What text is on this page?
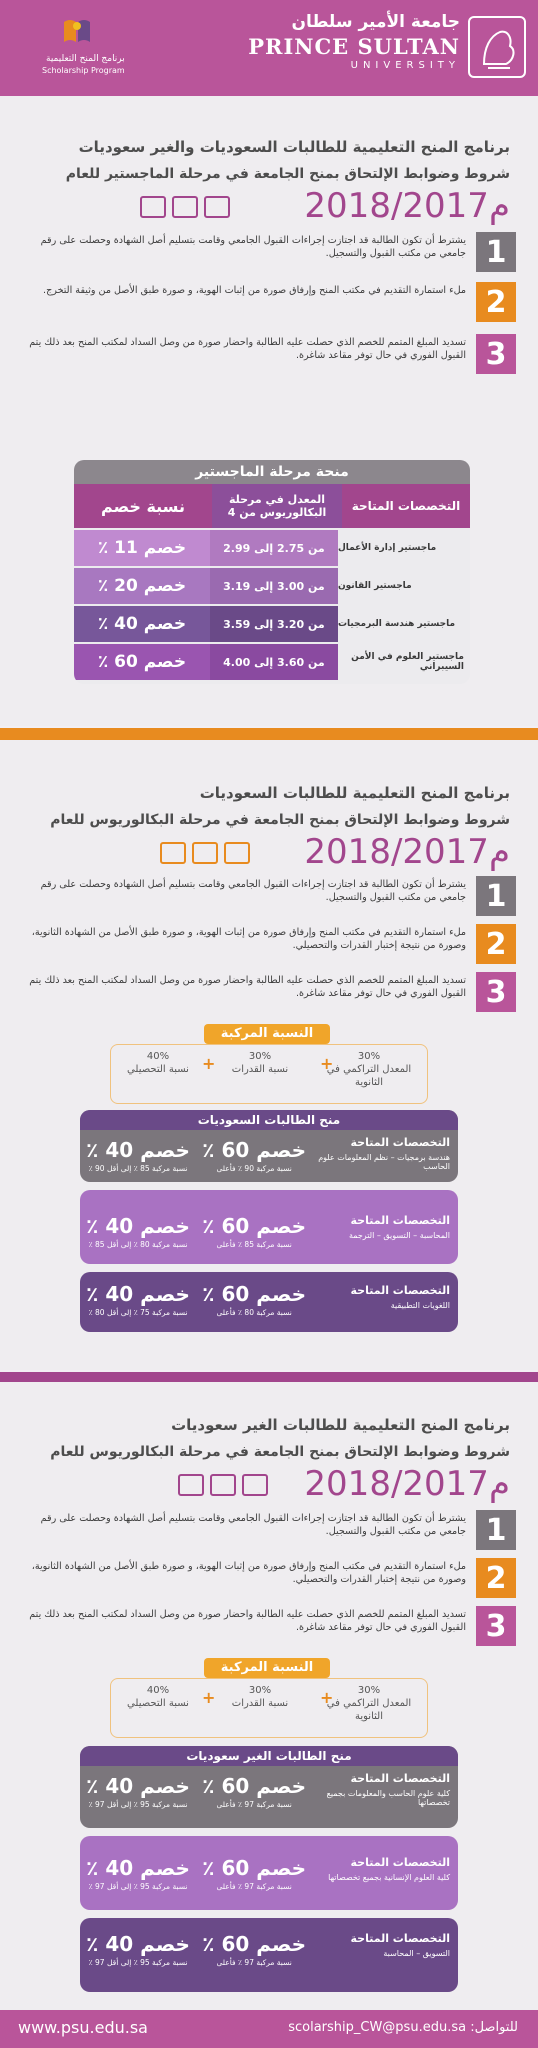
جامعة الأمير سلطان
PRINCE SULTAN
UNIVERSITY
برنامج المنح التعليمية
Scholarship Program
برنامج المنح التعليمية للطالبات السعوديات والغير سعوديات
شروط وضوابط الإلتحاق بمنح الجامعة في مرحلة الماجستير للعام
2018/2017م
1
يشترط أن تكون الطالبة قد اجتازت إجراءات القبول الجامعي وقامت بتسليم أصل الشهادة وحصلت على رقم جامعي من مكتب القبول والتسجيل.
2
ملء استمارة التقديم في مكتب المنح وإرفاق صورة من إثبات الهوية، و صورة طبق الأصل من وثيقة التخرج.
3
تسديد المبلغ المتمم للخصم الذي حصلت عليه الطالبة واحضار صورة من وصل السداد لمكتب المنح بعد ذلك يتم القبول الفوري في حال توفر مقاعد شاغرة.
منحة مرحلة الماجستير
التخصصات المتاحة
المعدل في مرحلة البكالوريوس من 4
نسبة خصم
ماجستير إدارة الأعمال
من 2.75 إلى 2.99
خصم 11 ٪
ماجستير القانون
من 3.00 إلى 3.19
خصم 20 ٪
ماجستير هندسة البرمجيات
من 3.20 إلى 3.59
خصم 40 ٪
ماجستير العلوم في الأمن السيبراني
من 3.60 إلى 4.00
خصم 60 ٪
برنامج المنح التعليمية للطالبات السعوديات
شروط وضوابط الإلتحاق بمنح الجامعة في مرحلة البكالوريوس للعام
2018/2017م
1
يشترط أن تكون الطالبة قد اجتازت إجراءات القبول الجامعي وقامت بتسليم أصل الشهادة وحصلت على رقم جامعي من مكتب القبول والتسجيل.
2
ملء استمارة التقديم في مكتب المنح وإرفاق صورة من إثبات الهوية، و صورة طبق الأصل من الشهادة الثانوية، وصورة من نتيجة إختبار القدرات والتحصيلي.
3
تسديد المبلغ المتمم للخصم الذي حصلت عليه الطالبة واحضار صورة من وصل السداد لمكتب المنح بعد ذلك يتم القبول الفوري في حال توفر مقاعد شاغرة.
النسبة المركبة
30%
المعدل التراكمي في الثانوية
+
30%
نسبة القدرات
+
40%
نسبة التحصيلي
منح الطالبات السعوديات
التخصصات المتاحة
هندسة برمجيات – نظم المعلومات علوم الحاسب
خصم 60 ٪
نسبة مركبة 90 ٪ فأعلى
خصم 40 ٪
نسبة مركبة 85 ٪ إلى أقل 90 ٪
التخصصات المتاحة
المحاسبة – التسويق – الترجمة
خصم 60 ٪
نسبة مركبة 85 ٪ فأعلى
خصم 40 ٪
نسبة مركبة 80 ٪ إلى أقل 85 ٪
التخصصات المتاحة
اللغويات التطبيقية
خصم 60 ٪
نسبة مركبة 80 ٪ فأعلى
خصم 40 ٪
نسبة مركبة 75 ٪ إلى أقل 80 ٪
برنامج المنح التعليمية للطالبات الغير سعوديات
شروط وضوابط الإلتحاق بمنح الجامعة في مرحلة البكالوريوس للعام
2018/2017م
1
يشترط أن تكون الطالبة قد اجتازت إجراءات القبول الجامعي وقامت بتسليم أصل الشهادة وحصلت على رقم جامعي من مكتب القبول والتسجيل.
2
ملء استمارة التقديم في مكتب المنح وإرفاق صورة من إثبات الهوية، و صورة طبق الأصل من الشهادة الثانوية، وصورة من نتيجة إختبار القدرات والتحصيلي.
3
تسديد المبلغ المتمم للخصم الذي حصلت عليه الطالبة واحضار صورة من وصل السداد لمكتب المنح بعد ذلك يتم القبول الفوري في حال توفر مقاعد شاغرة.
النسبة المركبة
30%
المعدل التراكمي في الثانوية
+
30%
نسبة القدرات
+
40%
نسبة التحصيلي
منح الطالبات الغير سعوديات
التخصصات المتاحة
كلية علوم الحاسب والمعلومات بجميع تخصصاتها
خصم 60 ٪
نسبة مركبة 97 ٪ فأعلى
خصم 40 ٪
نسبة مركبة 95 ٪ إلى أقل 97 ٪
التخصصات المتاحة
كلية العلوم الإنسانية بجميع تخصصاتها
خصم 60 ٪
نسبة مركبة 97 ٪ فأعلى
خصم 40 ٪
نسبة مركبة 95 ٪ إلى أقل 97 ٪
التخصصات المتاحة
التسويق – المحاسبة
خصم 60 ٪
نسبة مركبة 97 ٪ فأعلى
خصم 40 ٪
نسبة مركبة 95 ٪ إلى أقل 97 ٪
www.psu.edu.sa	للتواصل: scolarship_CW@psu.edu.sa
